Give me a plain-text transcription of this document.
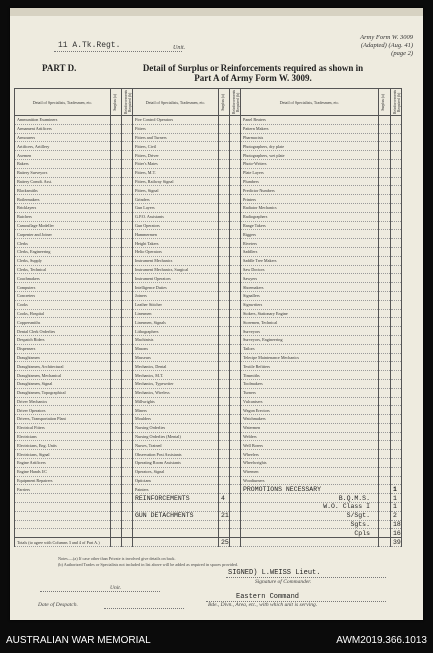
11 A.Tk.Regt.	Unit.
Army Form W. 3009
(Adapted) (Aug. 41)
(page 2)
PART D.	Detail of Surplus or Reinforcements required as shown in
Part A of Army Form W. 3009.
Detail of Specialists, Tradesmen, etc.	Surplus (a)	Reinforcements Required (b)	Detail of Specialists, Tradesmen, etc.	Surplus (a)	Reinforcements Required (b)	Detail of Specialists, Tradesmen, etc.	Surplus (a)	Reinforcements Required (b)

Ammunition Examiners			Fire Control Operators			Panel Beaters		
Armament Artificers			Fitters			Pattern Makers		
Armourers			Fitters and Turners			Pharmacists		
Artificers, Artillery			Fitters, Civil			Photographers, dry plate		
Axemen			Fitters, Driver			Photographers, wet plate		
Bakers			Fitter's Mates			Photo-Writers		
Battery Surveyors			Fitters, M.T.			Plate Layers		
Battery Comdt. Asst.			Fitters, Railway Signal			Plumbers		
Blacksmiths			Fitters, Signal			Predictor Numbers		
Boilermakers			Grinders			Printers		
Bricklayers			Gun Layers			Radiator Mechanics		
Butchers			G.P.O. Assistants			Radiographers		
Camouflage Modeller			Gun Operators			Range Takers		
Carpenter and Joiner			Hammermen			Riggers		
Clerks			Height Takers			Riveters		
Clerks, Engineering			Helio Operators			Saddlers		
Clerks, Supply			Instrument Mechanics			Saddle Tree Makers		
Clerks, Technical			Instrument Mechanics, Surgical			Saw Doctors		
Coachmakers			Instrument Operators			Sawyers		
Computers			Intelligence Duties			Shoemakers		
Concreters			Joiners			Signallers		
Cooks			Leather Stitcher			Signwriters		
Cooks, Hospital			Linesmen			Stokers, Stationary Engine		
Coppersmiths			Linesmen, Signals			Storemen, Technical		
Dental Clerk Orderlies			Lithographers			Surveyors		
Despatch Riders			Machinists			Surveyors, Engineering		
Dispensers			Masons			Tailors		
Draughtsmen			Masseurs			Telecipe Maintenance Mechanics		
Draughtsmen, Architectural			Mechanics, Dental			Textile Refitters		
Draughtsmen, Mechanical			Mechanics, M.T.			Tinsmiths		
Draughtsmen, Signal			Mechanics, Typewriter			Toolmakers		
Draughtsmen, Topographical			Mechanics, Wireless			Turners		
Driver Mechanics			Millwrights			Vulcanisers		
Driver Operators			Miners			Wagon Erectors		
Drivers, Transportation Plant			Moulders			Watchmakers		
Electrical Fitters			Nursing Orderlies			Watermen		
Electricians			Nursing Orderlies (Mental)			Welders		
Electricians, Eng. Units			Nurses, Trained			Well Borers		
Electricians, Signal			Observation Post Assistants			Wheelers		
Engine Artificers			Operating Room Assistants			Wheelwrights		
Engine Hands I/C			Operators, Signal			Wiremen		
Equipment Repairers			Opticians			Woodturners		
Farriers			Painters			PROMOTIONS NECESSARY		1
			REINFORCEMENTS	4		B.Q.M.S.		1

						W.O. Class I		1
			GUN DETACHMENTS	21		S/Sgt.		2

						Sgts.		18

						Cpls		16
Totals (to agree with Columns 3 and 4 of Part A.)				25				39
Notes.—(a) If case other than Private is involved give details on back.
(b) Authorized Trades or Specialists not included in list above will be added as required in spaces provided.
SIGNED) L.WEISS Lieut.
Signature of Commander.
Unit.
Date of Despatch.
Eastern Command
Bde., Divn., Area, etc., with which unit is serving.
AUSTRALIAN WAR MEMORIAL	AWM2019.366.1013
